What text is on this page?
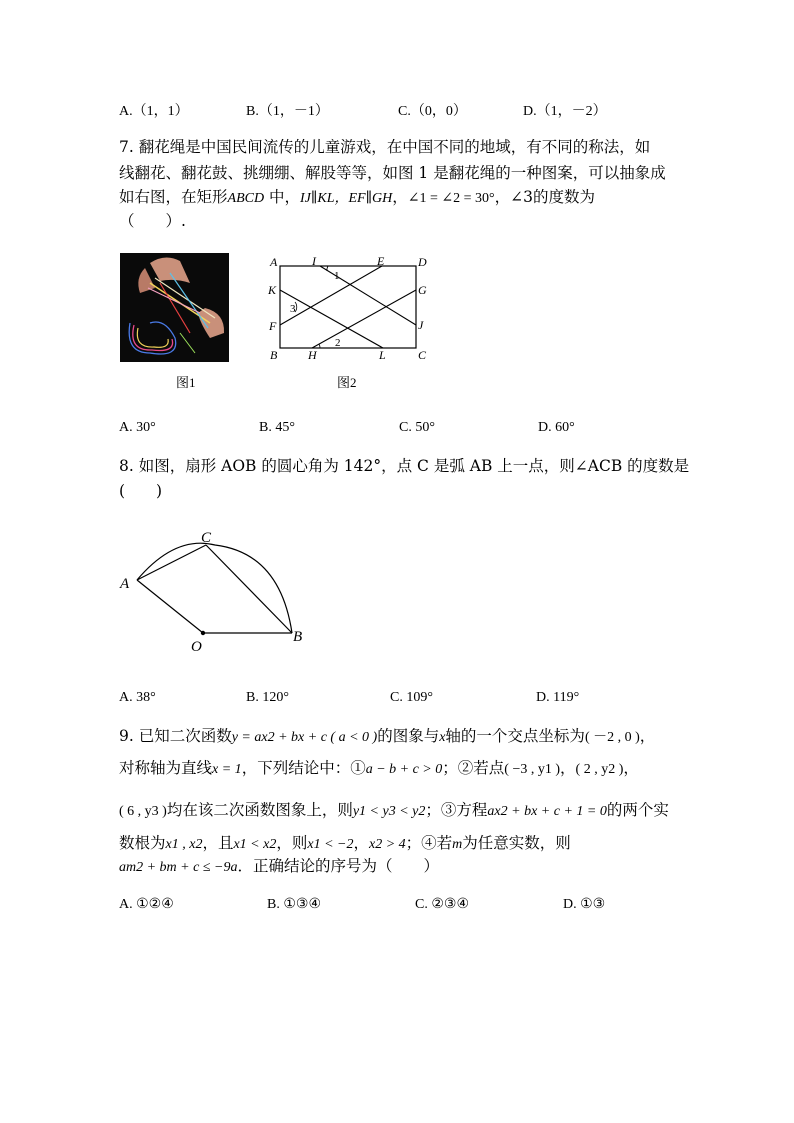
A.（1，1）	B.（1，－1）	C.（0，0）	D.（1，－2）
7. 翻花绳是中国民间流传的儿童游戏，在中国不同的地域，有不同的称法，如
线翻花、翻花鼓、挑绷绷、解股等等，如图 1 是翻花绳的一种图案，可以抽象成
如右图，在矩形ABCD 中，IJ∥KL，EF∥GH，∠1 = ∠2 = 30°，∠3的度数为
（　　）.
图1
A	I
1
E	D
K	G
3
F	J
2
B	H	L	C
图2
A. 30°	B. 45°	C. 50°	D. 60°
8. 如图，扇形 AOB 的圆心角为 142°，点 C 是弧 AB 上一点，则∠ACB 的度数是
(　　)
C
A
O
B
A. 38°	B. 120°	C. 109°	D. 119°
9. 已知二次函数y = ax2 + bx + c ( a < 0 )的图象与x轴的一个交点坐标为( －2 , 0 )，
对称轴为直线x = 1，下列结论中：①a − b + c > 0；②若点( −3 , y1 )，( 2 , y2 )，
( 6 , y3 )均在该二次函数图象上，则y1 < y3 < y2；③方程ax2 + bx + c + 1 = 0的两个实
数根为x1 , x2，且x1 < x2，则x1 < −2，x2 > 4；④若m为任意实数，则
am2 + bm + c ≤ −9a．正确结论的序号为（　　）
A. ①②④	B. ①③④	C. ②③④	D. ①③
